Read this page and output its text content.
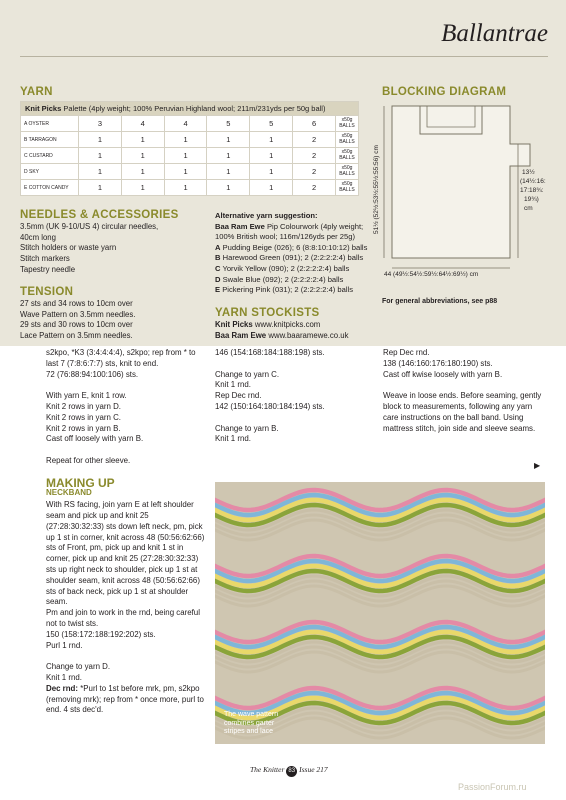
Ballantrae
YARN
Knit Picks Palette (4ply weight; 100% Peruvian Highland wool; 211m/231yds per 50g ball)							
A OYSTER	3	4	4	5	5	6	x50g BALLS
B TARRAGON	1	1	1	1	1	2	x50g BALLS
C CUSTARD	1	1	1	1	1	2	x50g BALLS
D SKY	1	1	1	1	1	2	x50g BALLS
E COTTON CANDY	1	1	1	1	1	2	x50g BALLS
NEEDLES & ACCESSORIES
3.5mm (UK 9-10/US 4) circular needles,
40cm long
Stitch holders or waste yarn
Stitch markers
Tapestry needle
TENSION
27 sts and 34 rows to 10cm over
Wave Pattern on 3.5mm needles.
29 sts and 30 rows to 10cm over
Lace Pattern on 3.5mm needles.
Alternative yarn suggestion:
Baa Ram Ewe Pip Colourwork (4ply weight; 100% British wool; 116m/126yds per 25g)
A Pudding Beige (026); 6 (8:8:10:10:12) balls
B Harewood Green (091); 2 (2:2:2:2:4) balls
C Yorvik Yellow (090); 2 (2:2:2:2:4) balls
D Swale Blue (092); 2 (2:2:2:2:4) balls
E Pickering Pink (031); 2 (2:2:2:2:4) balls
YARN STOCKISTS
Knit Picks www.knitpicks.com
Baa Ram Ewe www.baaramewe.co.uk
BLOCKING DIAGRAM
51½ (52½:53½:55½:55:56) cm
44 (49½:54½:59½:64½:69½) cm
13½
(14½:16:
17:18¾:
19¾)
cm
For general abbreviations, see p88

s2kpo, *K3 (3:4:4:4:4), s2kpo; rep from * to last 7 (7:8:6:7:7) sts, knit to end.
72 (76:88:94:100:106) sts.

With yarn E, knit 1 row.
Knit 2 rows in yarn D.
Knit 2 rows in yarn C.
Knit 2 rows in yarn B.
Cast off loosely with yarn B.

Repeat for other sleeve.

MAKING UP
NECKBAND

With RS facing, join yarn E at left shoulder seam and pick up and knit 25 (27:28:30:32:33) sts down left neck, pm, pick up 1 st in corner, knit across 48 (50:56:62:66) sts of Front, pm, pick up and knit 1 st in corner, pick up and knit 25 (27:28:30:32:33) sts up right neck to shoulder, pick up 1 st at shoulder seam, knit across 48 (50:56:62:66) sts of back neck, pick up 1 st at shoulder seam.

Pm and join to work in the rnd, being careful not to twist sts.

150 (158:172:188:192:202) sts.

Purl 1 rnd.

Change to yarn D.
Knit 1 rnd.

Dec rnd: *Purl to 1st before mrk, pm, s2kpo (removing mrk); rep from * once more, purl to end. 4 sts dec'd.

146 (154:168:184:188:198) sts.

Change to yarn C.
Knit 1 rnd.
Rep Dec rnd.
142 (150:164:180:184:194) sts.

Change to yarn B.
Knit 1 rnd.

Rep Dec rnd.
138 (146:160:176:180:190) sts.
Cast off kwise loosely with yarn B.

Weave in loose ends. Before seaming, gently block to measurements, following any yarn care instructions on the ball band. Using mattress stitch, join side and sleeve seams.

▶
The wave pattern
combines garter
stripes and lace
The Knitter 83 Issue 217
PassionForum.ru
